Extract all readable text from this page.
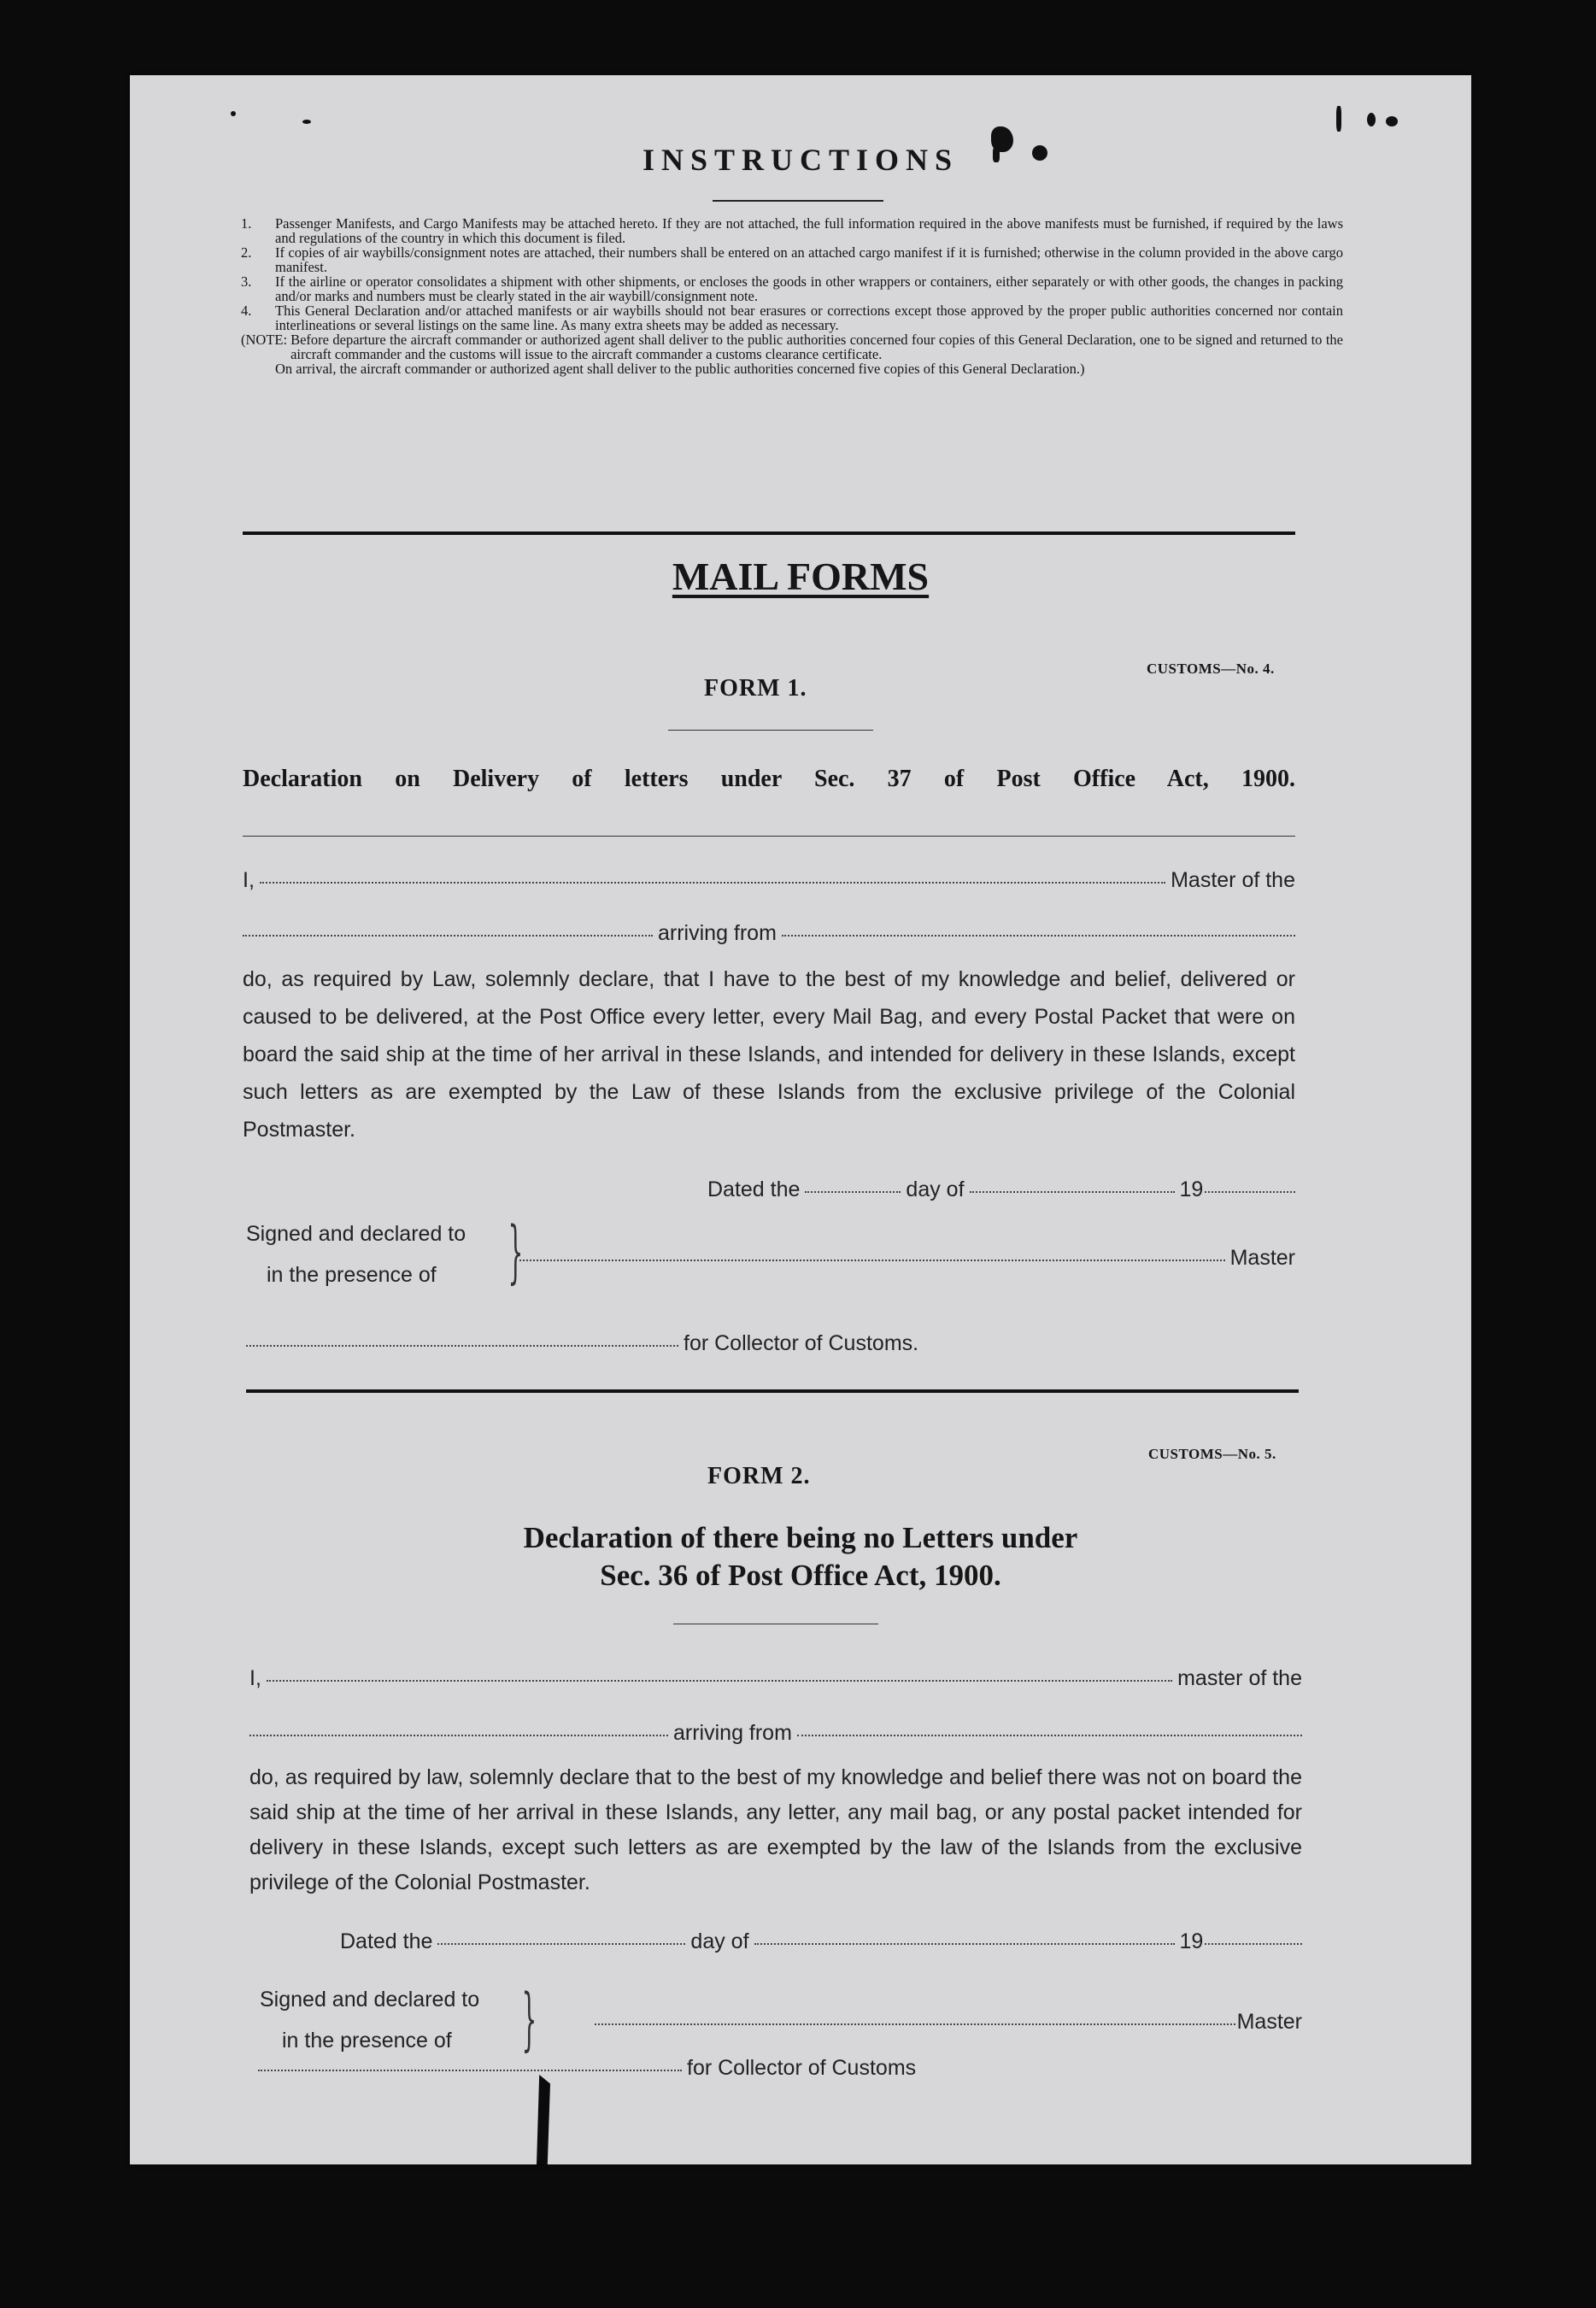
INSTRUCTIONS
1.	Passenger Manifests, and Cargo Manifests may be attached hereto. If they are not attached, the full information required in the above manifests must be furnished, if required by the laws and regulations of the country in which this document is filed.
2.	If copies of air waybills/consignment notes are attached, their numbers shall be entered on an attached cargo manifest if it is furnished; otherwise in the column provided in the above cargo manifest.
3.	If the airline or operator consolidates a shipment with other shipments, or encloses the goods in other wrappers or containers, either separately or with other goods, the changes in packing and/or marks and numbers must be clearly stated in the air waybill/consignment note.
4.	This General Declaration and/or attached manifests or air waybills should not bear erasures or corrections except those approved by the proper public authorities concerned nor contain interlineations or several listings on the same line. As many extra sheets may be added as necessary.
(NOTE: Before departure the aircraft commander or authorized agent shall deliver to the public authorities concerned four copies of this General Declaration, one to be signed and returned to the aircraft commander and the customs will issue to the aircraft commander a customs clearance certificate.
On arrival, the aircraft commander or authorized agent shall deliver to the public authorities concerned five copies of this General Declaration.)
MAIL FORMS
CUSTOMS—No. 4.
FORM 1.
Declaration on Delivery of letters under Sec. 37 of Post Office Act, 1900.
I,	Master of the
arriving from
do, as required by Law, solemnly declare, that I have to the best of my knowledge and belief, delivered or caused to be delivered, at the Post Office every letter, every Mail Bag, and every Postal Packet that were on board the said ship at the time of her arrival in these Islands, and intended for delivery in these Islands, except such letters as are exempted by the Law of these Islands from the exclusive privilege of the Colonial Postmaster.
Dated the	day of	19
Signed and declared to
in the presence of }	Master
for Collector of Customs.
CUSTOMS—No. 5.
FORM 2.
Declaration of there being no Letters under
Sec. 36 of Post Office Act, 1900.
I,	master of the
arriving from
do, as required by law, solemnly declare that to the best of my knowledge and belief there was not on board the said ship at the time of her arrival in these Islands, any letter, any mail bag, or any postal packet intended for delivery in these Islands, except such letters as are exempted by the law of the Islands from the exclusive privilege of the Colonial Postmaster.
Dated the	day of	19
Signed and declared to
in the presence of }	Master
for Collector of Customs
